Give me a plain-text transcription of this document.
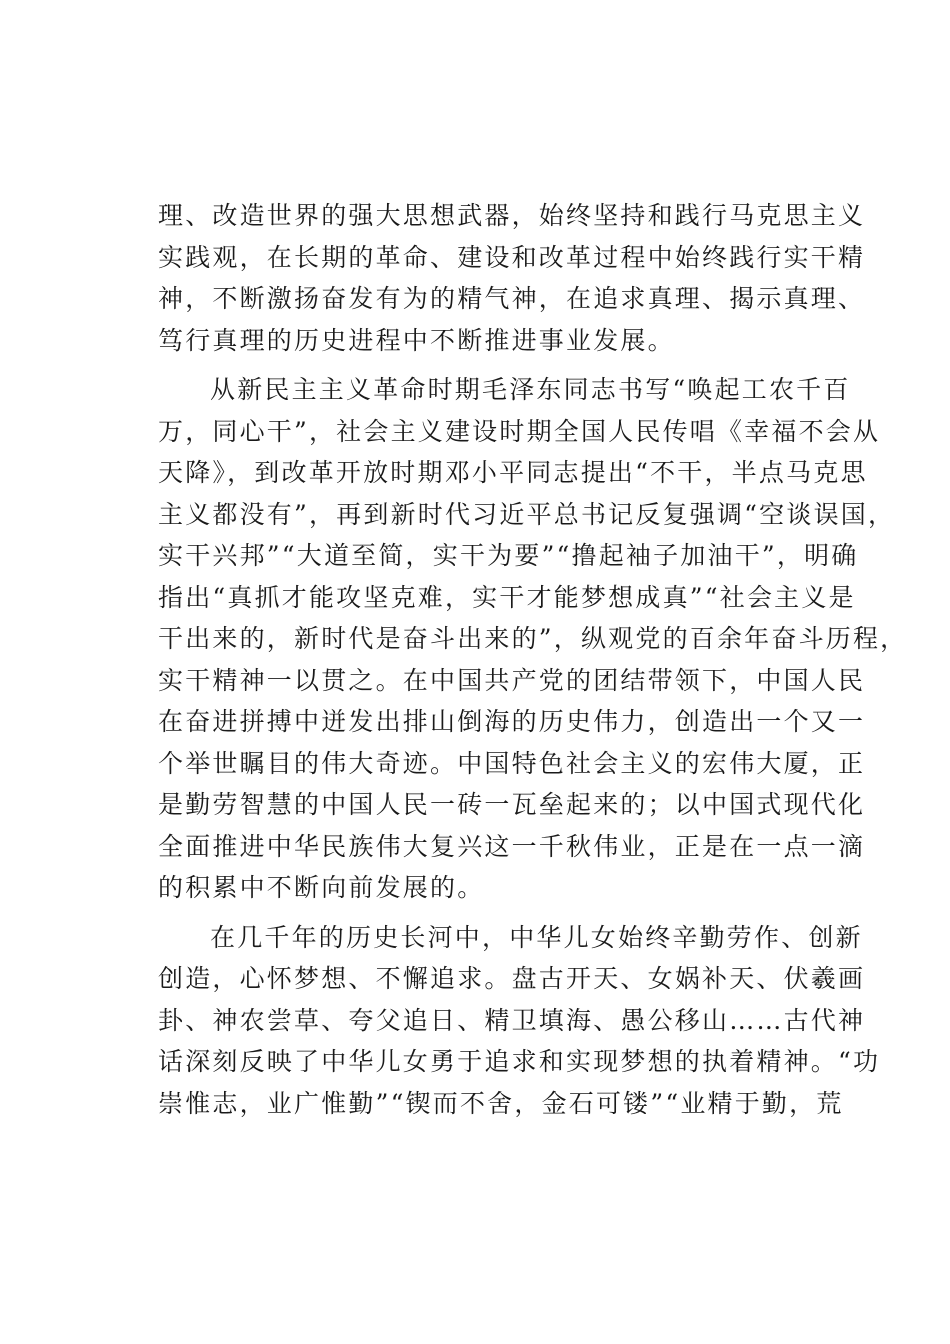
理、改造世界的强大思想武器，始终坚持和践行马克思主义
实践观，在长期的革命、建设和改革过程中始终践行实干精
神，不断激扬奋发有为的精气神，在追求真理、揭示真理、
笃行真理的历史进程中不断推进事业发展。
从新民主主义革命时期毛泽东同志书写“唤起工农千百
万，同心干”，社会主义建设时期全国人民传唱《幸福不会从
天降》，到改革开放时期邓小平同志提出“不干，半点马克思
主义都没有”，再到新时代习近平总书记反复强调“空谈误国，
实干兴邦”“大道至简，实干为要”“撸起袖子加油干”，明确
指出“真抓才能攻坚克难，实干才能梦想成真”“社会主义是
干出来的，新时代是奋斗出来的”，纵观党的百余年奋斗历程，
实干精神一以贯之。在中国共产党的团结带领下，中国人民
在奋进拼搏中迸发出排山倒海的历史伟力，创造出一个又一
个举世瞩目的伟大奇迹。中国特色社会主义的宏伟大厦，正
是勤劳智慧的中国人民一砖一瓦垒起来的；以中国式现代化
全面推进中华民族伟大复兴这一千秋伟业，正是在一点一滴
的积累中不断向前发展的。
在几千年的历史长河中，中华儿女始终辛勤劳作、创新
创造，心怀梦想、不懈追求。盘古开天、女娲补天、伏羲画
卦、神农尝草、夸父追日、精卫填海、愚公移山……古代神
话深刻反映了中华儿女勇于追求和实现梦想的执着精神。“功
崇惟志，业广惟勤”“锲而不舍，金石可镂”“业精于勤，荒
